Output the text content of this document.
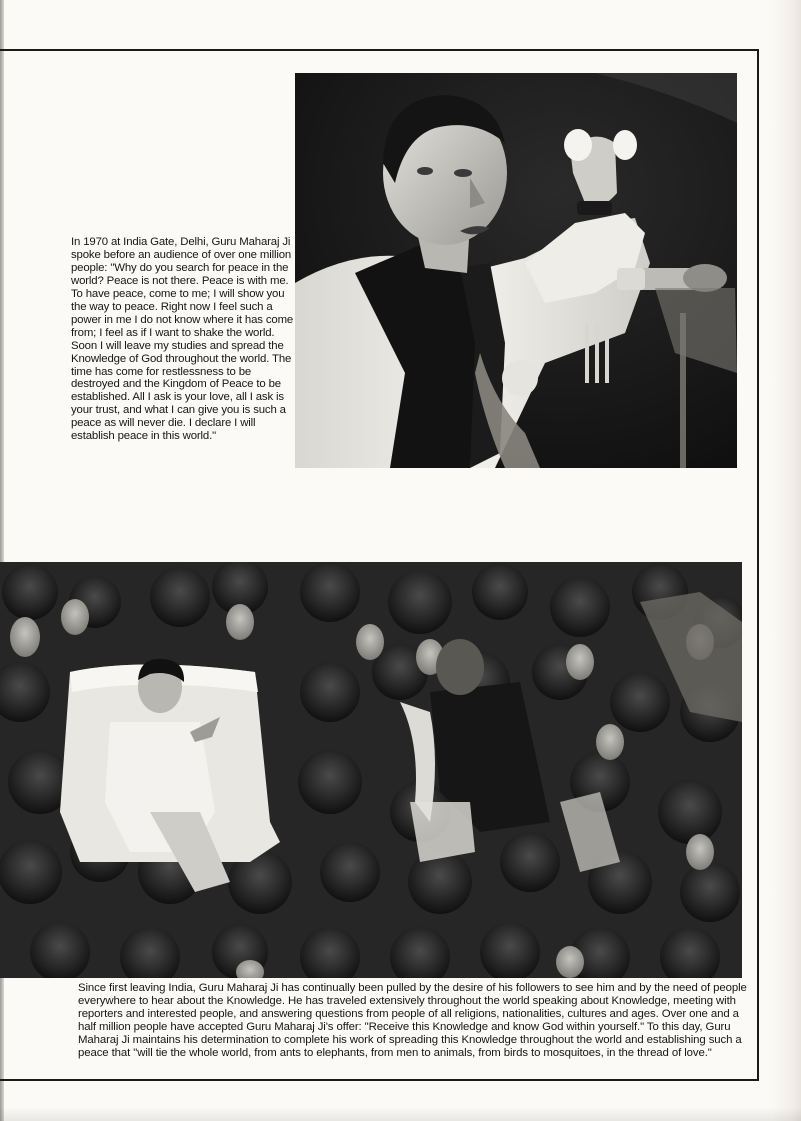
In 1970 at India Gate, Delhi, Guru Maharaj Ji spoke before an audience of over one million people: "Why do you search for peace in the world? Peace is not there. Peace is with me. To have peace, come to me; I will show you the way to peace. Right now I feel such a power in me I do not know where it has come from; I feel as if I want to shake the world. Soon I will leave my studies and spread the Knowledge of God throughout the world. The time has come for restlessness to be destroyed and the Kingdom of Peace to be established. All I ask is your love, all I ask is your trust, and what I can give you is such a peace as will never die. I declare I will establish peace in this world."

Since first leaving India, Guru Maharaj Ji has continually been pulled by the desire of his followers to see him and by the need of people everywhere to hear about the Knowledge. He has traveled extensively throughout the world speaking about Knowledge, meeting with reporters and interested people, and answering questions from people of all religions, nationalities, cultures and ages. Over one and a half million people have accepted Guru Maharaj Ji's offer: "Receive this Knowledge and know God within yourself." To this day, Guru Maharaj Ji maintains his determination to complete his work of spreading this Knowledge throughout the world and establishing such a peace that "will tie the whole world, from ants to elephants, from men to animals, from birds to mosquitoes, in the thread of love."
